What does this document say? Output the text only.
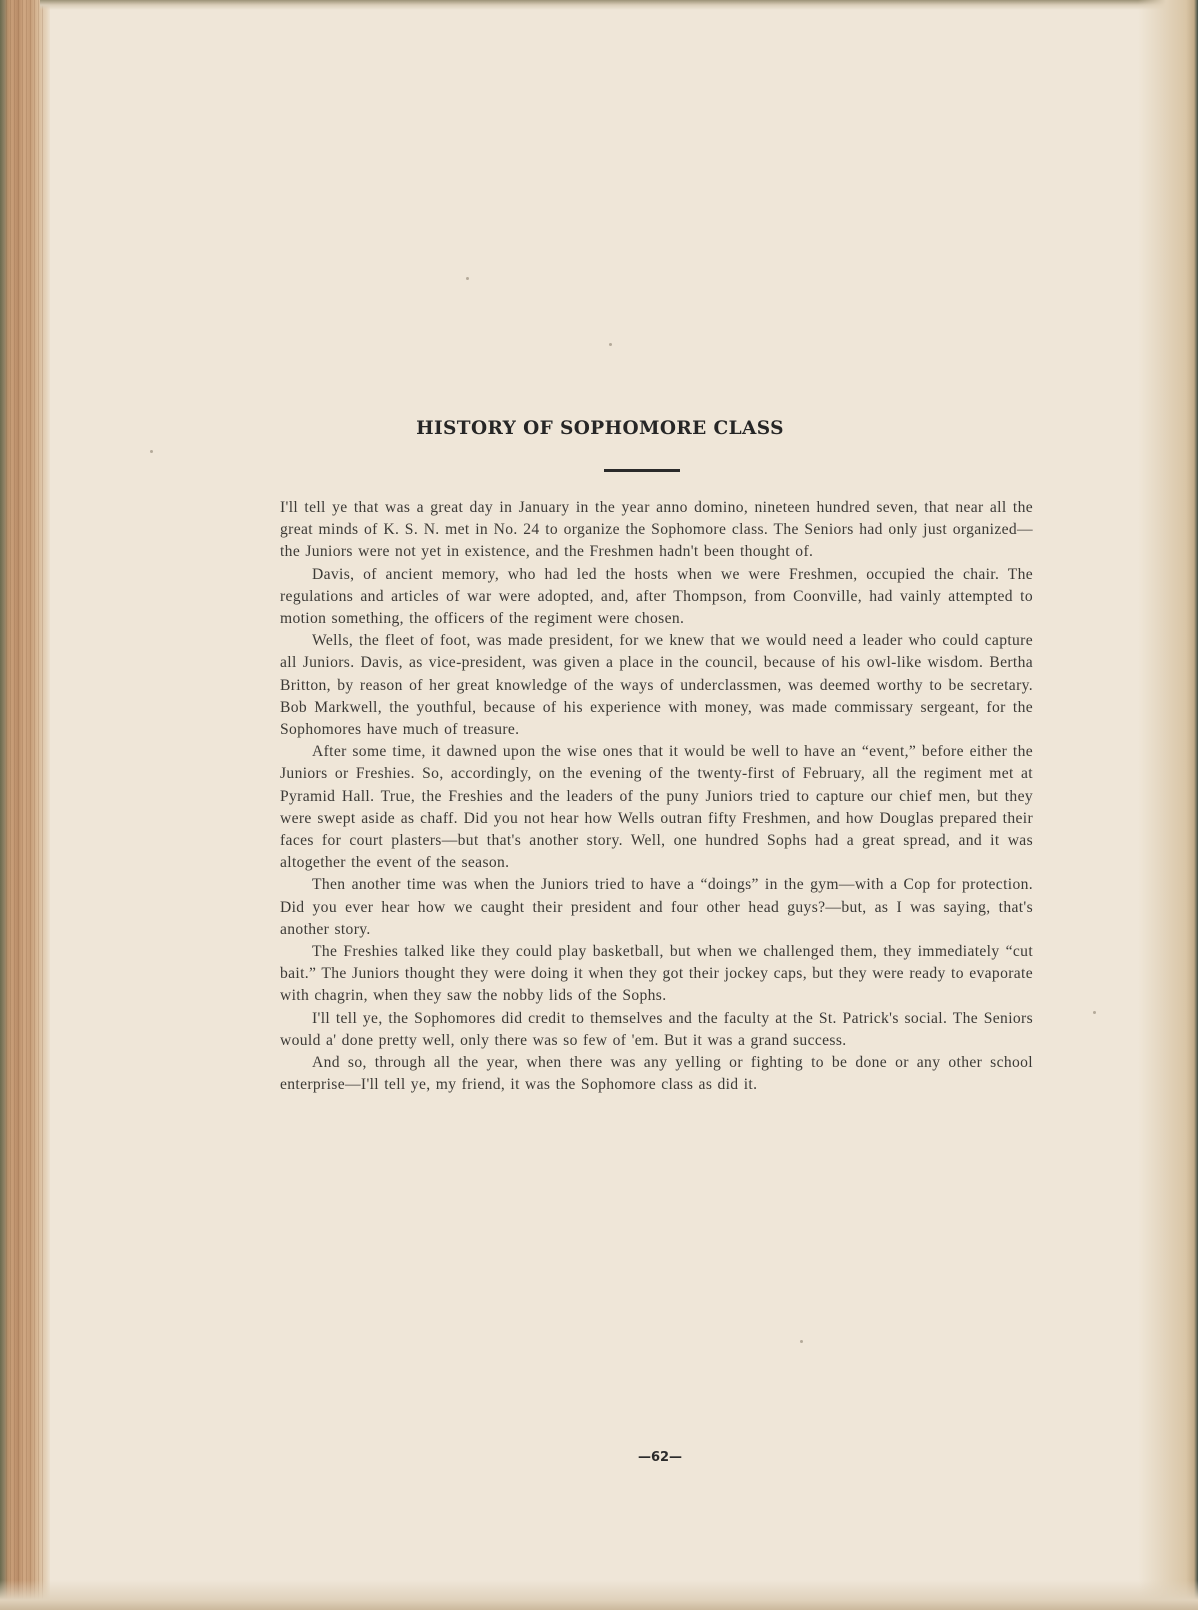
HISTORY OF SOPHOMORE CLASS

I'll tell ye that was a great day in January in the year anno domino, nineteen hundred seven, that near all the great minds of K. S. N. met in No. 24 to organize the Sophomore class. The Seniors had only just organized—the Juniors were not yet in existence, and the Freshmen hadn't been thought of.

Davis, of ancient memory, who had led the hosts when we were Freshmen, occupied the chair. The regulations and articles of war were adopted, and, after Thompson, from Coonville, had vainly attempted to motion something, the officers of the regiment were chosen.

Wells, the fleet of foot, was made president, for we knew that we would need a leader who could capture all Juniors. Davis, as vice-president, was given a place in the council, because of his owl-like wisdom. Bertha Britton, by reason of her great knowledge of the ways of underclassmen, was deemed worthy to be secretary. Bob Markwell, the youthful, because of his experience with money, was made commissary sergeant, for the Sophomores have much of treasure.

After some time, it dawned upon the wise ones that it would be well to have an “event,” before either the Juniors or Freshies. So, accordingly, on the evening of the twenty-first of February, all the regiment met at Pyramid Hall. True, the Freshies and the leaders of the puny Juniors tried to capture our chief men, but they were swept aside as chaff. Did you not hear how Wells outran fifty Freshmen, and how Douglas prepared their faces for court plasters—but that's another story. Well, one hundred Sophs had a great spread, and it was altogether the event of the season.

Then another time was when the Juniors tried to have a “doings” in the gym—with a Cop for protection. Did you ever hear how we caught their president and four other head guys?—but, as I was saying, that's another story.

The Freshies talked like they could play basketball, but when we challenged them, they immediately “cut bait.” The Juniors thought they were doing it when they got their jockey caps, but they were ready to evaporate with chagrin, when they saw the nobby lids of the Sophs.

I'll tell ye, the Sophomores did credit to themselves and the faculty at the St. Patrick's social. The Seniors would a' done pretty well, only there was so few of 'em. But it was a grand success.

And so, through all the year, when there was any yelling or fighting to be done or any other school enterprise—I'll tell ye, my friend, it was the Sophomore class as did it.

—62—
